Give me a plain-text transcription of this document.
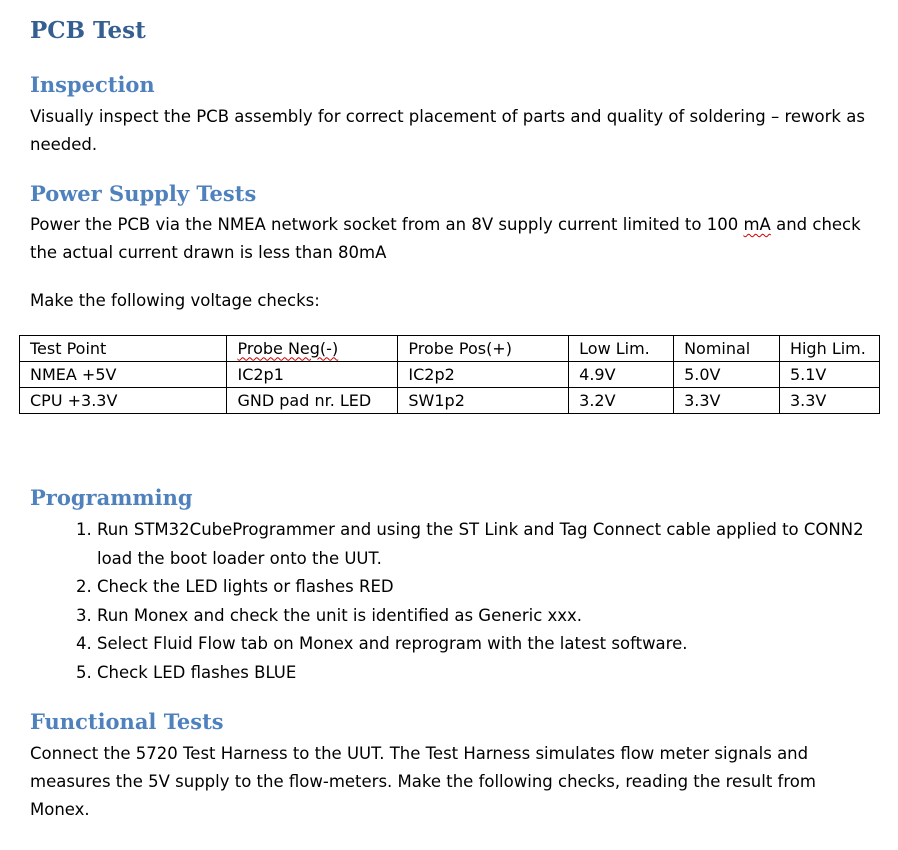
PCB Test
Inspection

Visually inspect the PCB assembly for correct placement of parts and quality of soldering – rework as needed.

Power Supply Tests

Power the PCB via the NMEA network socket from an 8V supply current limited to 100 mA and check the actual current drawn is less than 80mA

Make the following voltage checks:

Test Point	Probe Neg(-)	Probe Pos(+)	Low Lim.	Nominal	High Lim.
NMEA +5V	IC2p1	IC2p2	4.9V	5.0V	5.1V
CPU +3.3V	GND pad nr. LED	SW1p2	3.2V	3.3V	3.3V
Programming
1. Run STM32CubeProgrammer and using the ST Link and Tag Connect cable applied to CONN2 load the boot loader onto the UUT.
2. Check the LED lights or flashes RED
3. Run Monex and check the unit is identified as Generic xxx.
4. Select Fluid Flow tab on Monex and reprogram with the latest software.
5. Check LED flashes BLUE
Functional Tests

Connect the 5720 Test Harness to the UUT. The Test Harness simulates flow meter signals and measures the 5V supply to the flow-meters. Make the following checks, reading the result from Monex.
